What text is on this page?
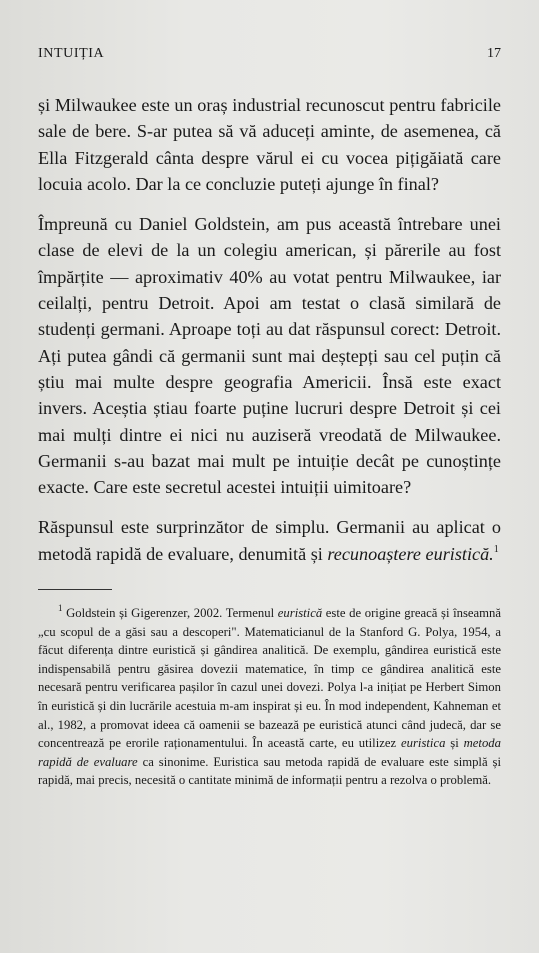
INTUIȚIA	17

și Milwaukee este un oraș industrial recunoscut pentru fabricile sale de bere. S-ar putea să vă aduceți aminte, de asemenea, că Ella Fitzgerald cânta despre vărul ei cu vocea pițigăiată care locuia acolo. Dar la ce concluzie puteți ajunge în final?

Împreună cu Daniel Goldstein, am pus această întrebare unei clase de elevi de la un colegiu american, și părerile au fost împărțite — aproximativ 40% au votat pentru Milwaukee, iar ceilalți, pentru Detroit. Apoi am testat o clasă similară de studenți germani. Aproape toți au dat răspunsul corect: Detroit. Ați putea gândi că germanii sunt mai deștepți sau cel puțin că știu mai multe despre geografia Americii. Însă este exact invers. Aceștia știau foarte puține lucruri despre Detroit și cei mai mulți dintre ei nici nu auziseră vreodată de Milwaukee. Germanii s-au bazat mai mult pe intuiție decât pe cunoștințe exacte. Care este secretul acestei intuiții uimitoare?

Răspunsul este surprinzător de simplu. Germanii au aplicat o metodă rapidă de evaluare, denumită și recunoaștere euristică.$^1$

$^1$ Goldstein și Gigerenzer, 2002. Termenul euristică este de origine greacă și înseamnă „cu scopul de a găsi sau a descoperi". Matematicianul de la Stanford G. Polya, 1954, a făcut diferența dintre euristică și gândirea analitică. De exemplu, gândirea euristică este indispensabilă pentru găsirea dovezii matematice, în timp ce gândirea analitică este necesară pentru verificarea pașilor în cazul unei dovezi. Polya l-a inițiat pe Herbert Simon în euristică și din lucrările acestuia m-am inspirat și eu. În mod independent, Kahneman et al., 1982, a promovat ideea că oamenii se bazează pe euristică atunci când judecă, dar se concentrează pe erorile raționamentului. În această carte, eu utilizez euristica și metoda rapidă de evaluare ca sinonime. Euristica sau metoda rapidă de evaluare este simplă și rapidă, mai precis, necesită o cantitate minimă de informații pentru a rezolva o problemă.
